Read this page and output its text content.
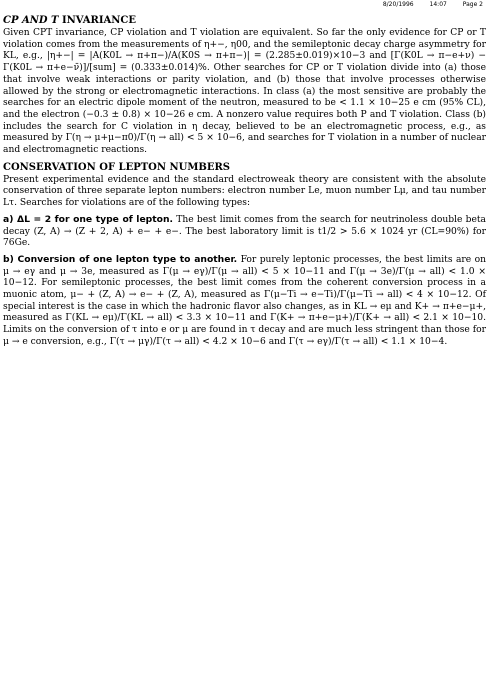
8/20/1996	14:07	Page 2
CP AND T INVARIANCE

Given CPT invariance, CP violation and T violation are equivalent. So far the only evidence for CP or T violation comes from the measurements of η+−, η00, and the semileptonic decay charge asymmetry for KL, e.g., |η+−| = |A(K0L → π+π−)/A(K0S → π+π−)| = (2.285±0.019)×10−3 and [Γ(K0L → π−e+ν) − Γ(K0L → π+e−ν̄)]/[sum] = (0.333±0.014)%. Other searches for CP or T violation divide into (a) those that involve weak interactions or parity violation, and (b) those that involve processes otherwise allowed by the strong or electromagnetic interactions. In class (a) the most sensitive are probably the searches for an electric dipole moment of the neutron, measured to be < 1.1 × 10−25 e cm (95% CL), and the electron (−0.3 ± 0.8) × 10−26 e cm. A nonzero value requires both P and T violation. Class (b) includes the search for C violation in η decay, believed to be an electromagnetic process, e.g., as measured by Γ(η → μ+μ−π0)/Γ(η → all) < 5 × 10−6, and searches for T violation in a number of nuclear and electromagnetic reactions.

CONSERVATION OF LEPTON NUMBERS

Present experimental evidence and the standard electroweak theory are consistent with the absolute conservation of three separate lepton numbers: electron number Le, muon number Lμ, and tau number Lτ. Searches for violations are of the following types:

a) ΔL = 2 for one type of lepton. The best limit comes from the search for neutrinoless double beta decay (Z, A) → (Z + 2, A) + e− + e−. The best laboratory limit is t1/2 > 5.6 × 1024 yr (CL=90%) for 76Ge.

b) Conversion of one lepton type to another. For purely leptonic processes, the best limits are on μ → eγ and μ → 3e, measured as Γ(μ → eγ)/Γ(μ → all) < 5 × 10−11 and Γ(μ → 3e)/Γ(μ → all) < 1.0 × 10−12. For semileptonic processes, the best limit comes from the coherent conversion process in a muonic atom, μ− + (Z, A) → e− + (Z, A), measured as Γ(μ−Ti → e−Ti)/Γ(μ−Ti → all) < 4 × 10−12. Of special interest is the case in which the hadronic flavor also changes, as in KL → eμ and K+ → π+e−μ+, measured as Γ(KL → eμ)/Γ(KL → all) < 3.3 × 10−11 and Γ(K+ → π+e−μ+)/Γ(K+ → all) < 2.1 × 10−10. Limits on the conversion of τ into e or μ are found in τ decay and are much less stringent than those for μ → e conversion, e.g., Γ(τ → μγ)/Γ(τ → all) < 4.2 × 10−6 and Γ(τ → eγ)/Γ(τ → all) < 1.1 × 10−4.
